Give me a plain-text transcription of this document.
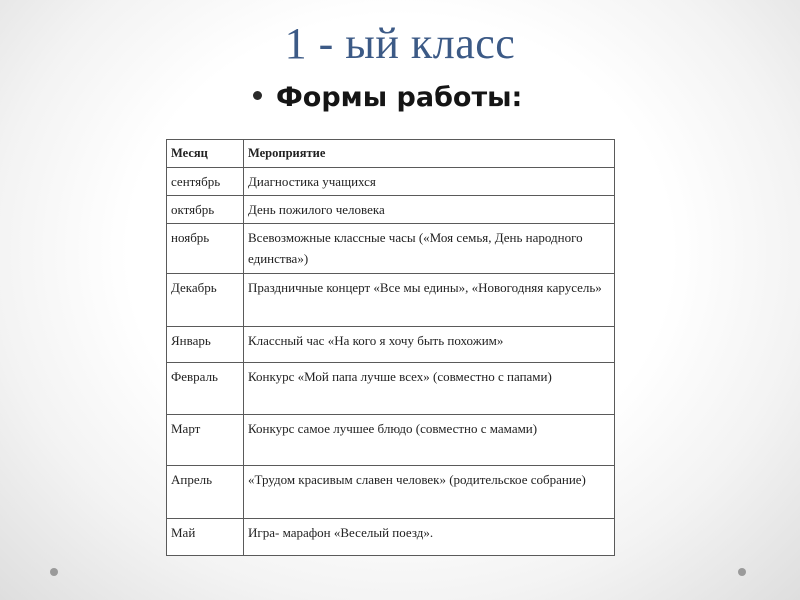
1 - ый класс
Формы работы:
Месяц	Мероприятие
сентябрь	Диагностика учащихся
октябрь	День пожилого человека
ноябрь	Всевозможные классные часы («Моя семья, День народного единства»)
Декабрь	Праздничные концерт «Все мы едины», «Новогодняя карусель»
Январь	Классный час «На кого я хочу быть похожим»
Февраль	Конкурс «Мой папа лучше всех» (совместно с папами)
Март	Конкурс самое лучшее блюдо (совместно с мамами)
Апрель	«Трудом красивым славен человек» (родительское собрание)
Май	Игра- марафон «Веселый поезд».
